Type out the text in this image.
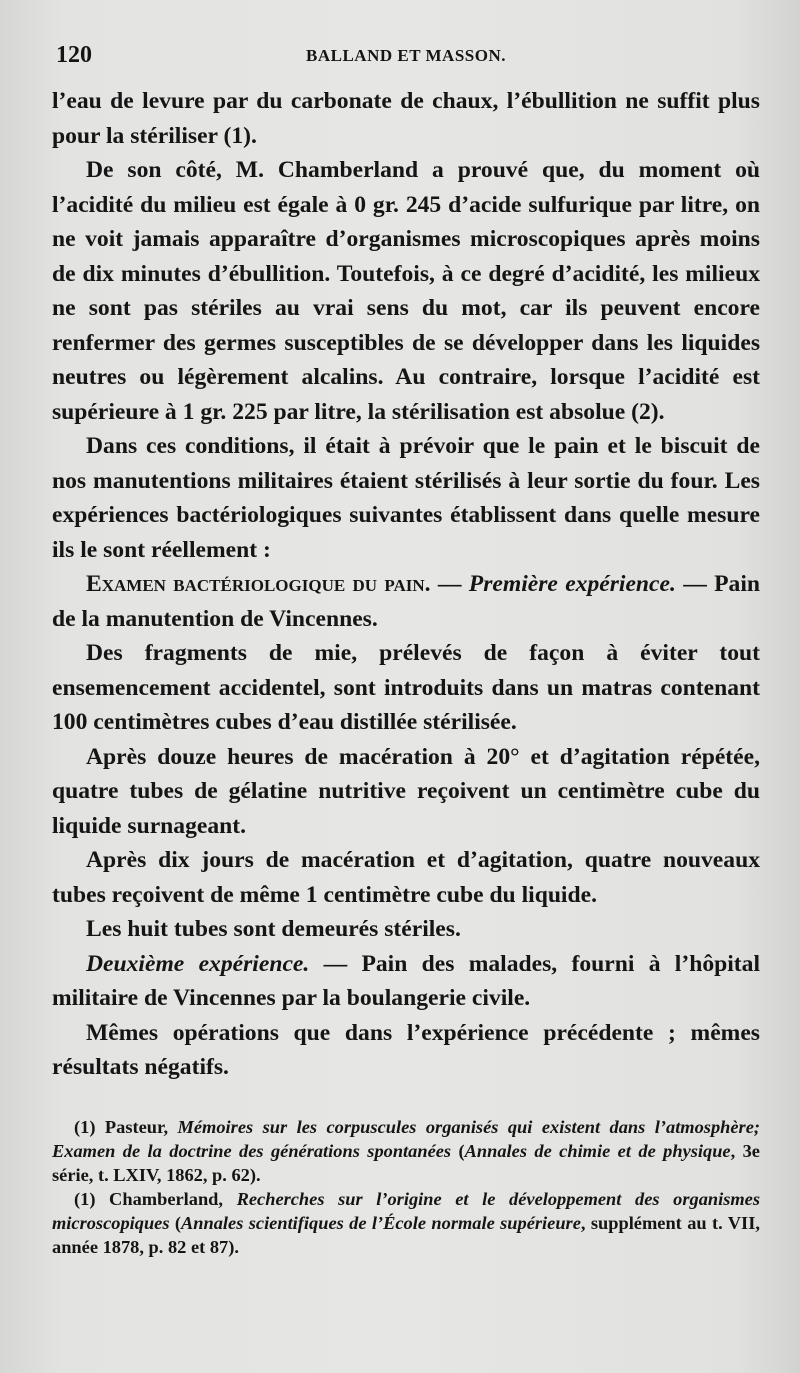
120	BALLAND ET MASSON.

l’eau de levure par du carbonate de chaux, l’ébullition ne suffit plus pour la stériliser (1).

De son côté, M. Chamberland a prouvé que, du moment où l’acidité du milieu est égale à 0 gr. 245 d’acide sulfurique par litre, on ne voit jamais apparaître d’organismes microscopiques après moins de dix minutes d’ébullition. Toutefois, à ce degré d’acidité, les milieux ne sont pas stériles au vrai sens du mot, car ils peuvent encore renfermer des germes susceptibles de se développer dans les liquides neutres ou légèrement alcalins. Au contraire, lorsque l’acidité est supérieure à 1 gr. 225 par litre, la stérilisation est absolue (2).

Dans ces conditions, il était à prévoir que le pain et le biscuit de nos manutentions militaires étaient stérilisés à leur sortie du four. Les expériences bactériologiques suivantes établissent dans quelle mesure ils le sont réellement :

Examen bactériologique du pain. — Première expérience. — Pain de la manutention de Vincennes.

Des fragments de mie, prélevés de façon à éviter tout ensemencement accidentel, sont introduits dans un matras contenant 100 centimètres cubes d’eau distillée stérilisée.

Après douze heures de macération à 20° et d’agitation répétée, quatre tubes de gélatine nutritive reçoivent un centimètre cube du liquide surnageant.

Après dix jours de macération et d’agitation, quatre nouveaux tubes reçoivent de même 1 centimètre cube du liquide.

Les huit tubes sont demeurés stériles.

Deuxième expérience. — Pain des malades, fourni à l’hôpital militaire de Vincennes par la boulangerie civile.

Mêmes opérations que dans l’expérience précédente ; mêmes résultats négatifs.

(1) Pasteur, Mémoires sur les corpuscules organisés qui existent dans l’atmosphère; Examen de la doctrine des générations spontanées (Annales de chimie et de physique, 3e série, t. LXIV, 1862, p. 62).

(1) Chamberland, Recherches sur l’origine et le développement des organismes microscopiques (Annales scientifiques de l’École normale supérieure, supplément au t. VII, année 1878, p. 82 et 87).
